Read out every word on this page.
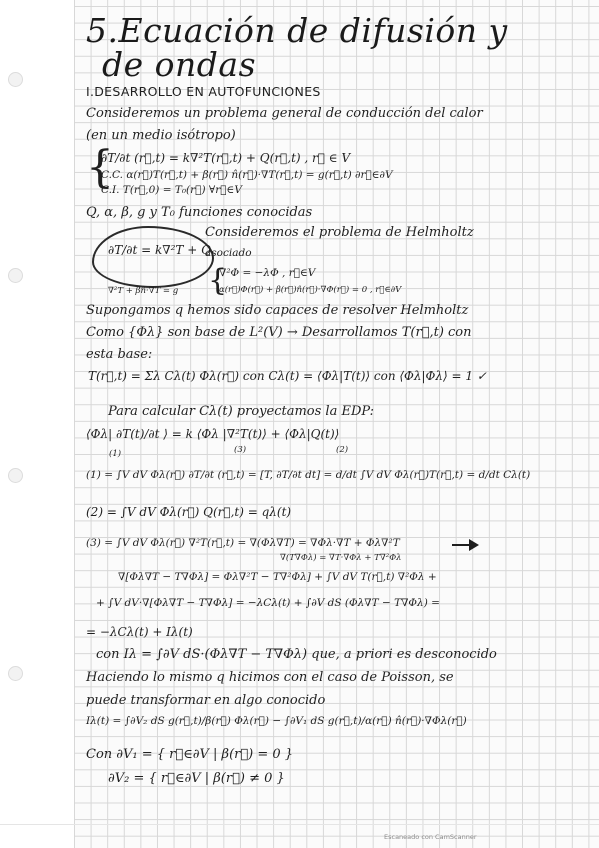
5.Ecuación de difusión y
de ondas
I.DESARROLLO EN AUTOFUNCIONES
Consideremos un problema general de conducción del calor
(en un medio isótropo)
{
∂T/∂t (r⃗,t) = k∇²T(r⃗,t) + Q(r⃗,t) , r⃗ ∈ V
C.C. α(r⃗)T(r⃗,t) + β(r⃗) n̂(r⃗)·∇T(r⃗,t) = g(r⃗,t) ∂r⃗∈∂V
C.I. T(r⃗,0) = T₀(r⃗) ∀r⃗∈V
Q, α, β, g y T₀ funciones conocidas
∂T/∂t = k∇²T + Q
Consideremos el problema de Helmholtz
asociado
{
∇²Φ = −λΦ , r⃗∈V
∇²T + βn̂·∇T = g	α(r⃗)Φ(r⃗) + β(r⃗)n̂(r⃗)·∇Φ(r⃗) = 0 , r⃗∈∂V
Supongamos q hemos sido capaces de resolver Helmholtz
Como {Φλ} son base de L²(V) → Desarrollamos T(r⃗,t) con
esta base:
T(r⃗,t) = Σλ Cλ(t) Φλ(r⃗) con Cλ(t) = ⟨Φλ|T(t)⟩ con ⟨Φλ|Φλ⟩ = 1 ✓
Para calcular Cλ(t) proyectamos la EDP:
⟨Φλ| ∂T(t)/∂t ⟩ = k ⟨Φλ |∇²T(t)⟩ + ⟨Φλ|Q(t)⟩
(1)	(3)	(2)
(1) = ∫V dV Φλ(r⃗) ∂T/∂t (r⃗,t) = [T, ∂T/∂t dt] = d/dt ∫V dV Φλ(r⃗)T(r⃗,t) = d/dt Cλ(t)
(2) = ∫V dV Φλ(r⃗) Q(r⃗,t) = qλ(t)
(3) = ∫V dV Φλ(r⃗) ∇²T(r⃗,t) = ∇(Φλ∇T) = ∇Φλ·∇T + Φλ∇²T
∇(T∇Φλ) = ∇T·∇Φλ + T∇²Φλ
∇[Φλ∇T − T∇Φλ] = Φλ∇²T − T∇²Φλ] + ∫V dV T(r⃗,t) ∇²Φλ +
+ ∫V dV·∇[Φλ∇T − T∇Φλ] = −λCλ(t) + ∫∂V dS (Φλ∇T − T∇Φλ) =
= −λCλ(t) + Iλ(t)
con Iλ = ∫∂V dS·(Φλ∇T − T∇Φλ) que, a priori es desconocido
Haciendo lo mismo q hicimos con el caso de Poisson, se
puede transformar en algo conocido
Iλ(t) = ∫∂V₂ dS g(r⃗,t)/β(r⃗) Φλ(r⃗) − ∫∂V₁ dS g(r⃗,t)/α(r⃗) n̂(r⃗)·∇Φλ(r⃗)
Con ∂V₁ = { r⃗∈∂V | β(r⃗) = 0 }
∂V₂ = { r⃗∈∂V | β(r⃗) ≠ 0 }
Escaneado con CamScanner
